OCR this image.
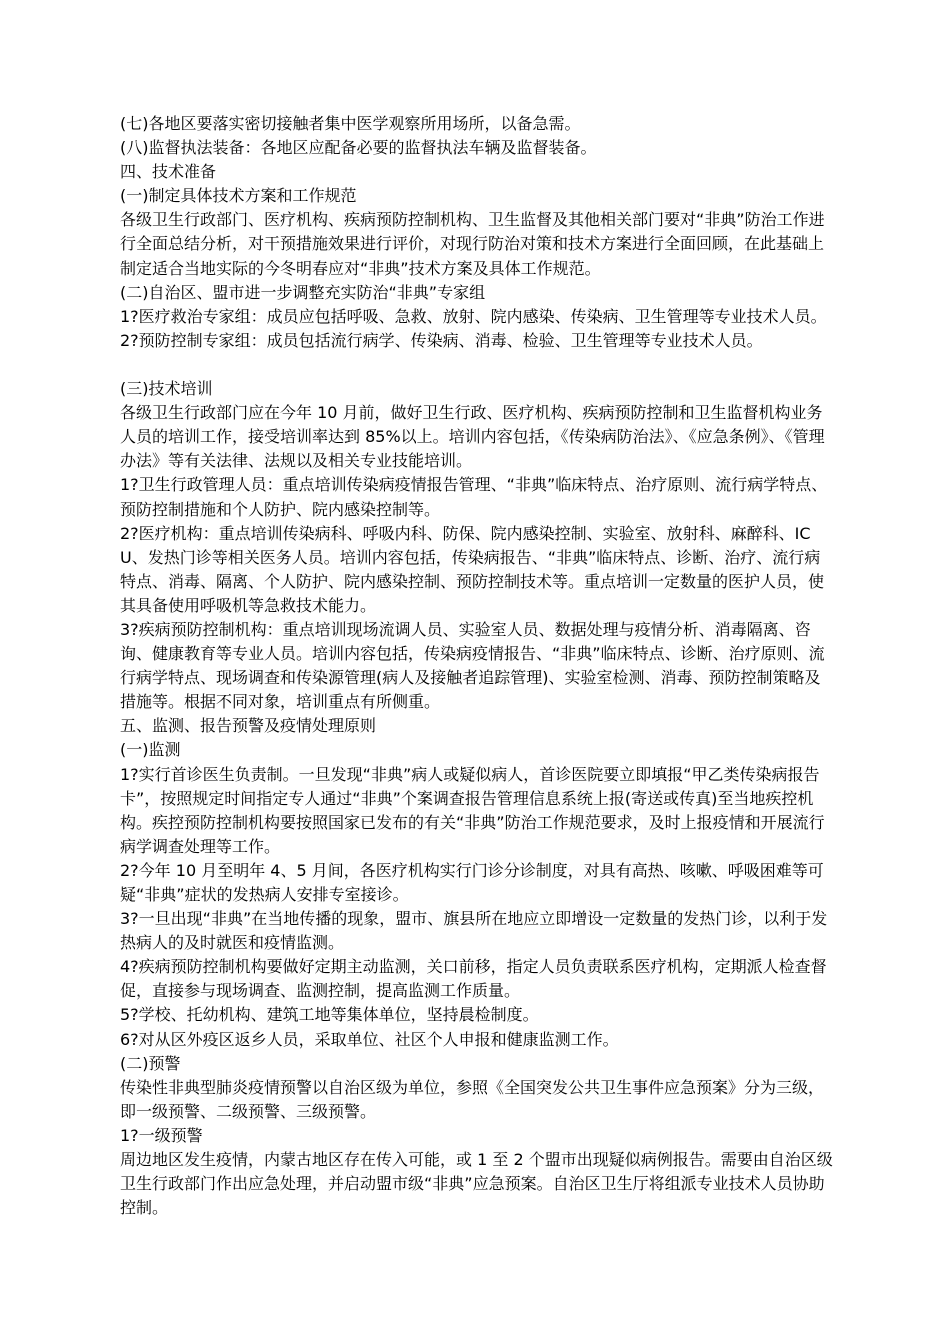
(七)各地区要落实密切接触者集中医学观察所用场所，以备急需。

(八)监督执法装备：各地区应配备必要的监督执法车辆及监督装备。

四、技术准备

(一)制定具体技术方案和工作规范

各级卫生行政部门、医疗机构、疾病预防控制机构、卫生监督及其他相关部门要对“非典”防治工作进行全面总结分析，对干预措施效果进行评价，对现行防治对策和技术方案进行全面回顾，在此基础上制定适合当地实际的今冬明春应对“非典”技术方案及具体工作规范。

(二)自治区、盟市进一步调整充实防治“非典”专家组

1?医疗救治专家组：成员应包括呼吸、急救、放射、院内感染、传染病、卫生管理等专业技术人员。

2?预防控制专家组：成员包括流行病学、传染病、消毒、检验、卫生管理等专业技术人员。

(三)技术培训

各级卫生行政部门应在今年 10 月前，做好卫生行政、医疗机构、疾病预防控制和卫生监督机构业务人员的培训工作，接受培训率达到 85%以上。培训内容包括，《传染病防治法》、《应急条例》、《管理办法》等有关法律、法规以及相关专业技能培训。

1?卫生行政管理人员：重点培训传染病疫情报告管理、“非典”临床特点、治疗原则、流行病学特点、预防控制措施和个人防护、院内感染控制等。

2?医疗机构：重点培训传染病科、呼吸内科、防保、院内感染控制、实验室、放射科、麻醉科、ICU、发热门诊等相关医务人员。培训内容包括，传染病报告、“非典”临床特点、诊断、治疗、流行病特点、消毒、隔离、个人防护、院内感染控制、预防控制技术等。重点培训一定数量的医护人员，使其具备使用呼吸机等急救技术能力。

3?疾病预防控制机构：重点培训现场流调人员、实验室人员、数据处理与疫情分析、消毒隔离、咨询、健康教育等专业人员。培训内容包括，传染病疫情报告、“非典”临床特点、诊断、治疗原则、流行病学特点、现场调查和传染源管理(病人及接触者追踪管理)、实验室检测、消毒、预防控制策略及措施等。根据不同对象，培训重点有所侧重。

五、监测、报告预警及疫情处理原则

(一)监测

1?实行首诊医生负责制。一旦发现“非典”病人或疑似病人，首诊医院要立即填报“甲乙类传染病报告卡”，按照规定时间指定专人通过“非典”个案调查报告管理信息系统上报(寄送或传真)至当地疾控机构。疾控预防控制机构要按照国家已发布的有关“非典”防治工作规范要求，及时上报疫情和开展流行病学调查处理等工作。

2?今年 10 月至明年 4、5 月间，各医疗机构实行门诊分诊制度，对具有高热、咳嗽、呼吸困难等可疑“非典”症状的发热病人安排专室接诊。

3?一旦出现“非典”在当地传播的现象，盟市、旗县所在地应立即增设一定数量的发热门诊，以利于发热病人的及时就医和疫情监测。

4?疾病预防控制机构要做好定期主动监测，关口前移，指定人员负责联系医疗机构，定期派人检查督促，直接参与现场调查、监测控制，提高监测工作质量。

5?学校、托幼机构、建筑工地等集体单位，坚持晨检制度。

6?对从区外疫区返乡人员，采取单位、社区个人申报和健康监测工作。

(二)预警

传染性非典型肺炎疫情预警以自治区级为单位，参照《全国突发公共卫生事件应急预案》分为三级，即一级预警、二级预警、三级预警。

1?一级预警

周边地区发生疫情，内蒙古地区存在传入可能，或 1 至 2 个盟市出现疑似病例报告。需要由自治区级卫生行政部门作出应急处理，并启动盟市级“非典”应急预案。自治区卫生厅将组派专业技术人员协助控制。
